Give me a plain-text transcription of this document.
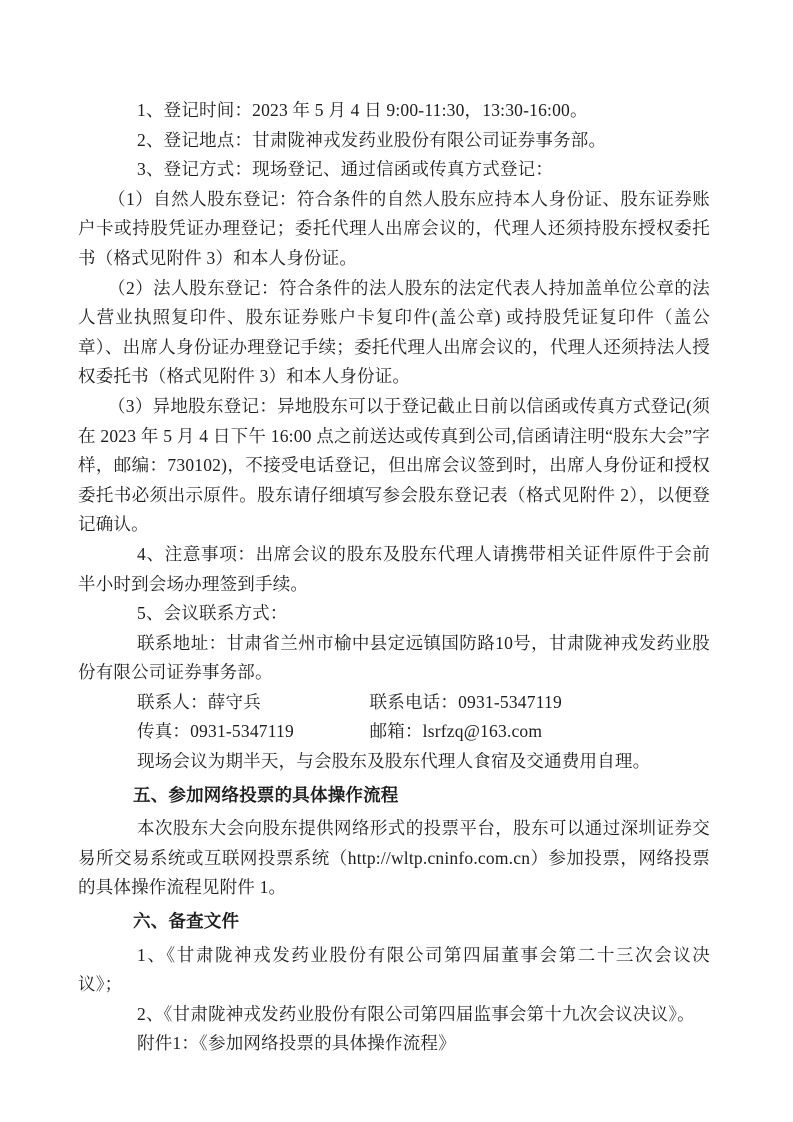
1、登记时间：2023 年 5 月 4 日 9:00-11:30，13:30-16:00。

2、登记地点：甘肃陇神戎发药业股份有限公司证券事务部。

3、登记方式：现场登记、通过信函或传真方式登记：

（1）自然人股东登记：符合条件的自然人股东应持本人身份证、股东证券账户卡或持股凭证办理登记；委托代理人出席会议的，代理人还须持股东授权委托书（格式见附件 3）和本人身份证。

（2）法人股东登记：符合条件的法人股东的法定代表人持加盖单位公章的法人营业执照复印件、股东证券账户卡复印件(盖公章) 或持股凭证复印件（盖公章）、出席人身份证办理登记手续；委托代理人出席会议的，代理人还须持法人授权委托书（格式见附件 3）和本人身份证。

（3）异地股东登记：异地股东可以于登记截止日前以信函或传真方式登记(须在 2023 年 5 月 4 日下午 16:00 点之前送达或传真到公司,信函请注明“股东大会”字样，邮编：730102)，不接受电话登记，但出席会议签到时，出席人身份证和授权委托书必须出示原件。股东请仔细填写参会股东登记表（格式见附件 2），以便登记确认。

4、注意事项：出席会议的股东及股东代理人请携带相关证件原件于会前半小时到会场办理签到手续。

5、会议联系方式：

联系地址：甘肃省兰州市榆中县定远镇国防路10号，甘肃陇神戎发药业股份有限公司证券事务部。

联系人：薛守兵	联系电话：0931-5347119

传真：0931-5347119	邮箱：lsrfzq@163.com

现场会议为期半天，与会股东及股东代理人食宿及交通费用自理。

五、参加网络投票的具体操作流程

本次股东大会向股东提供网络形式的投票平台，股东可以通过深圳证券交易所交易系统或互联网投票系统（http://wltp.cninfo.com.cn）参加投票，网络投票的具体操作流程见附件 1。

六、备查文件

1、《甘肃陇神戎发药业股份有限公司第四届董事会第二十三次会议决议》；

2、《甘肃陇神戎发药业股份有限公司第四届监事会第十九次会议决议》。

附件1：《参加网络投票的具体操作流程》
